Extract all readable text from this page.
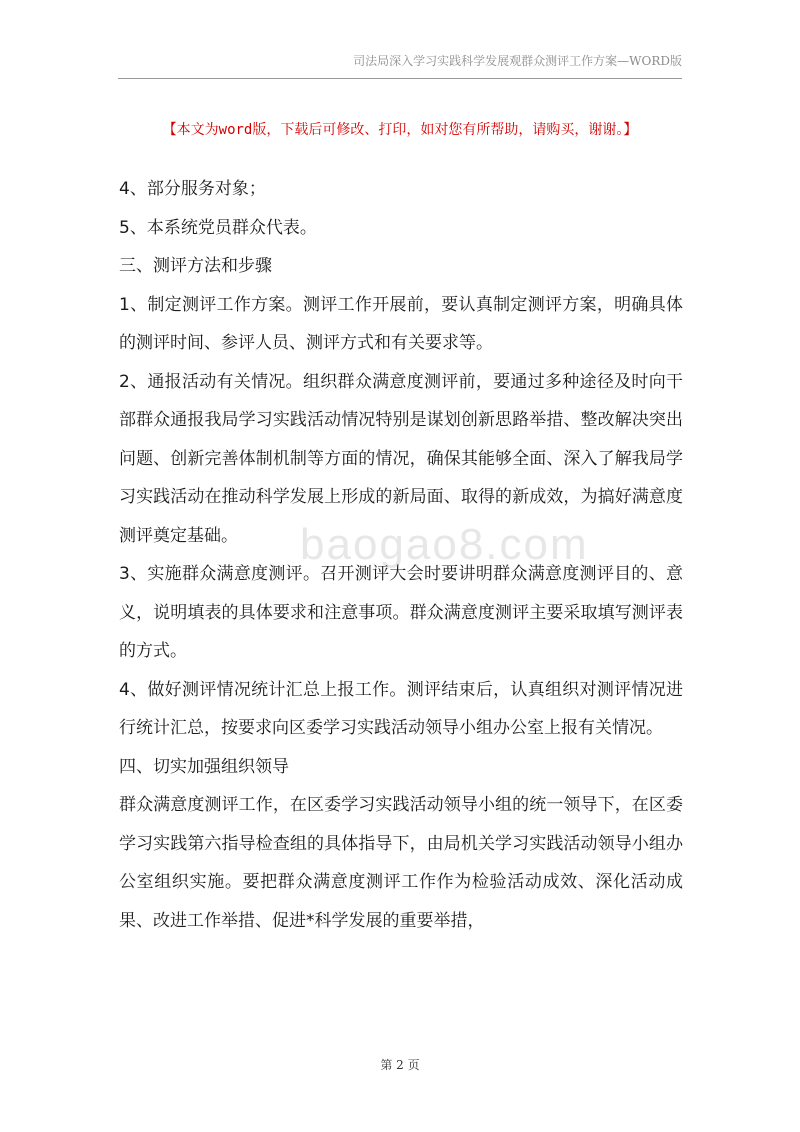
司法局深入学习实践科学发展观群众测评工作方案—WORD版
【本文为word版，下载后可修改、打印，如对您有所帮助，请购买，谢谢。】

4、部分服务对象；

5、本系统党员群众代表。

三、测评方法和步骤

1、制定测评工作方案。测评工作开展前，要认真制定测评方案，明确具体的测评时间、参评人员、测评方式和有关要求等。

2、通报活动有关情况。组织群众满意度测评前，要通过多种途径及时向干部群众通报我局学习实践活动情况特别是谋划创新思路举措、整改解决突出问题、创新完善体制机制等方面的情况，确保其能够全面、深入了解我局学习实践活动在推动科学发展上形成的新局面、取得的新成效，为搞好满意度测评奠定基础。

3、实施群众满意度测评。召开测评大会时要讲明群众满意度测评目的、意义，说明填表的具体要求和注意事项。群众满意度测评主要采取填写测评表的方式。

4、做好测评情况统计汇总上报工作。测评结束后，认真组织对测评情况进行统计汇总，按要求向区委学习实践活动领导小组办公室上报有关情况。

四、切实加强组织领导

群众满意度测评工作，在区委学习实践活动领导小组的统一领导下，在区委学习实践第六指导检查组的具体指导下，由局机关学习实践活动领导小组办公室组织实施。要把群众满意度测评工作作为检验活动成效、深化活动成果、改进工作举措、促进*科学发展的重要举措，

baogao8.com
第 2 页
